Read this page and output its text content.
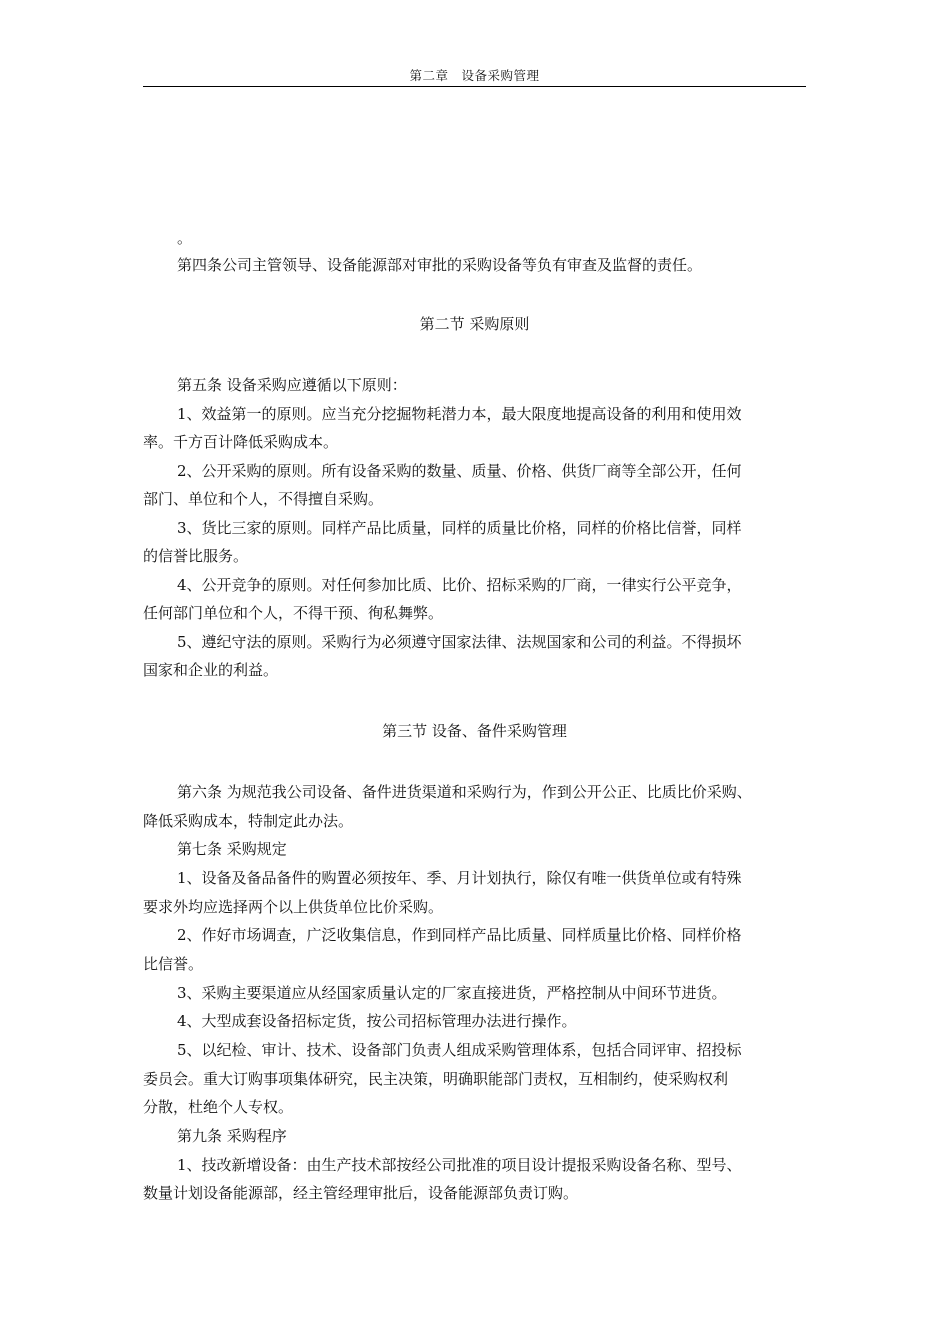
第二章　设备采购管理
。
第四条公司主管领导、设备能源部对审批的采购设备等负有审查及监督的责任。
第二节 采购原则
第五条 设备采购应遵循以下原则：
1、效益第一的原则。应当充分挖掘物耗潜力本，最大限度地提高设备的利用和使用效
率。千方百计降低采购成本。
2、公开采购的原则。所有设备采购的数量、质量、价格、供货厂商等全部公开，任何
部门、单位和个人，不得擅自采购。
3、货比三家的原则。同样产品比质量，同样的质量比价格，同样的价格比信誉，同样
的信誉比服务。
4、公开竞争的原则。对任何参加比质、比价、招标采购的厂商，一律实行公平竞争，
任何部门单位和个人，不得干预、徇私舞弊。
5、遵纪守法的原则。采购行为必须遵守国家法律、法规国家和公司的利益。不得损坏
国家和企业的利益。
第三节 设备、备件采购管理
第六条 为规范我公司设备、备件进货渠道和采购行为，作到公开公正、比质比价采购、
降低采购成本，特制定此办法。
第七条 采购规定
1、设备及备品备件的购置必须按年、季、月计划执行，除仅有唯一供货单位或有特殊
要求外均应选择两个以上供货单位比价采购。
2、作好市场调查，广泛收集信息，作到同样产品比质量、同样质量比价格、同样价格
比信誉。
3、采购主要渠道应从经国家质量认定的厂家直接进货，严格控制从中间环节进货。
4、大型成套设备招标定货，按公司招标管理办法进行操作。
5、以纪检、审计、技术、设备部门负责人组成采购管理体系，包括合同评审、招投标
委员会。重大订购事项集体研究，民主决策，明确职能部门责权，互相制约，使采购权利
分散，杜绝个人专权。
第九条 采购程序
1、技改新增设备：由生产技术部按经公司批准的项目设计提报采购设备名称、型号、
数量计划设备能源部，经主管经理审批后，设备能源部负责订购。
